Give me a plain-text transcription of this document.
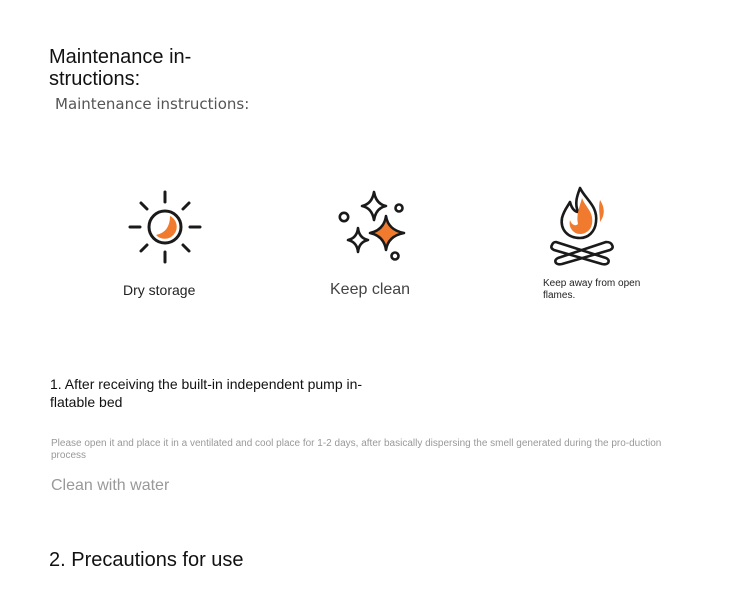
Maintenance in-structions:
Maintenance instructions:
Dry storage	Keep clean	Keep away from open flames.
1. After receiving the built-in independent pump in-flatable bed
Please open it and place it in a ventilated and cool place for 1-2 days, after basically dispersing the smell generated during the pro-duction process
Clean with water
2. Precautions for use
